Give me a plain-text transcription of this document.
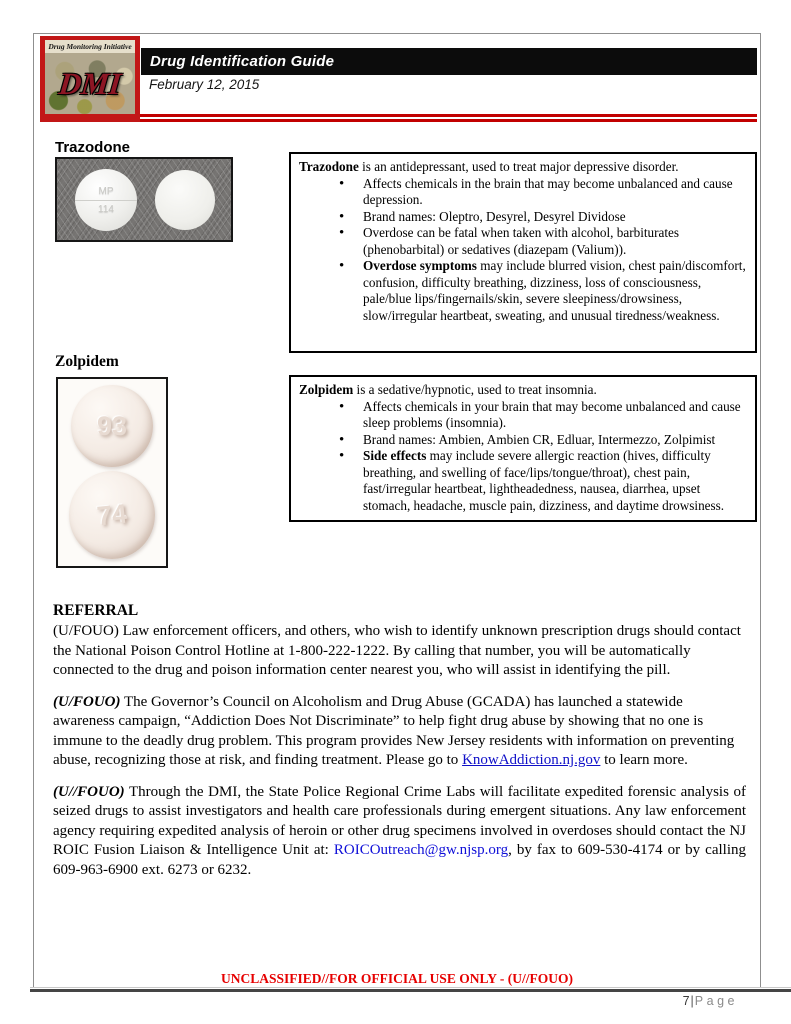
Drug Monitoring Initiative
DMI
Drug Identification Guide
February 12, 2015
Trazodone
MP
114
Trazodone is an antidepressant, used to treat major depressive disorder.
• Affects chemicals in the brain that may become unbalanced and cause depression.
• Brand names: Oleptro, Desyrel, Desyrel Dividose
• Overdose can be fatal when taken with alcohol, barbiturates (phenobarbital) or sedatives (diazepam (Valium)).
• Overdose symptoms may include blurred vision, chest pain/discomfort, confusion, difficulty breathing, dizziness, loss of consciousness, pale/blue lips/fingernails/skin, severe sleepiness/drowsiness, slow/irregular heartbeat, sweating, and unusual tiredness/weakness.
Zolpidem
93
74
Zolpidem is a sedative/hypnotic, used to treat insomnia.
• Affects chemicals in your brain that may become unbalanced and cause sleep problems (insomnia).
• Brand names: Ambien, Ambien CR, Edluar, Intermezzo, Zolpimist
• Side effects may include severe allergic reaction (hives, difficulty breathing, and swelling of face/lips/tongue/throat), chest pain, fast/irregular heartbeat, lightheadedness, nausea, diarrhea, upset stomach, headache, muscle pain, dizziness, and daytime drowsiness.
REFERRAL

(U/FOUO) Law enforcement officers, and others, who wish to identify unknown prescription drugs should contact the National Poison Control Hotline at 1-800-222-1222. By calling that number, you will be automatically connected to the drug and poison information center nearest you, who will assist in identifying the pill.

(U/FOUO) The Governor’s Council on Alcoholism and Drug Abuse (GCADA) has launched a statewide awareness campaign, “Addiction Does Not Discriminate” to help fight drug abuse by showing that no one is immune to the deadly drug problem. This program provides New Jersey residents with information on preventing abuse, recognizing those at risk, and finding treatment. Please go to KnowAddiction.nj.gov to learn more.

(U//FOUO) Through the DMI, the State Police Regional Crime Labs will facilitate expedited forensic analysis of seized drugs to assist investigators and health care professionals during emergent situations. Any law enforcement agency requiring expedited analysis of heroin or other drug specimens involved in overdoses should contact the NJ ROIC Fusion Liaison & Intelligence Unit at: ROICOutreach@gw.njsp.org, by fax to 609-530-4174 or by calling 609-963-6900 ext. 6273 or 6232.

UNCLASSIFIED//FOR OFFICIAL USE ONLY - (U//FOUO)
7|Page
